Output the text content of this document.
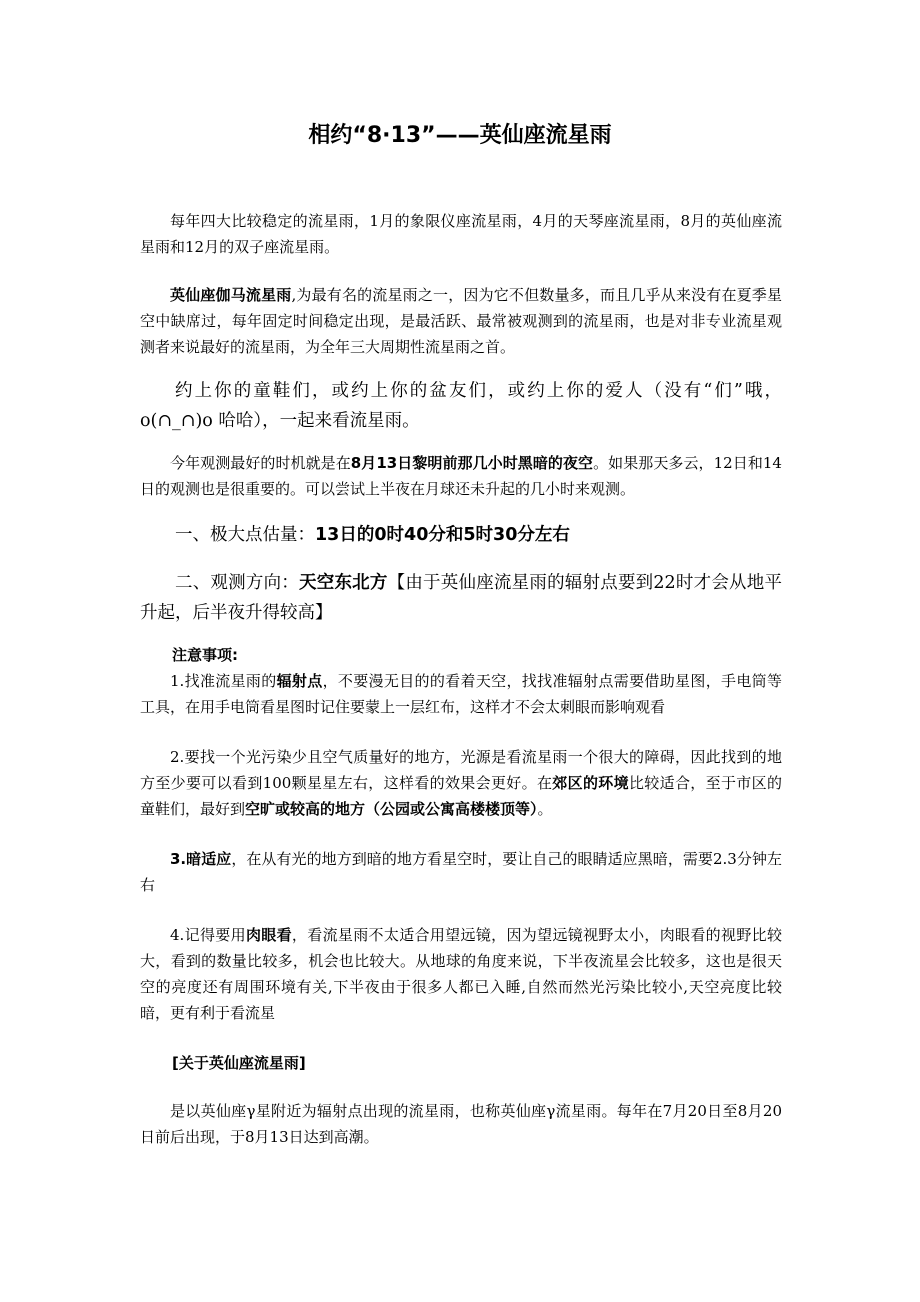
相约“8·13”——英仙座流星雨

每年四大比较稳定的流星雨，1月的象限仪座流星雨，4月的天琴座流星雨，8月的英仙座流星雨和12月的双子座流星雨。

英仙座伽马流星雨,为最有名的流星雨之一，因为它不但数量多，而且几乎从来没有在夏季星空中缺席过，每年固定时间稳定出现，是最活跃、最常被观测到的流星雨，也是对非专业流星观测者来说最好的流星雨，为全年三大周期性流星雨之首。

约上你的童鞋们，或约上你的盆友们，或约上你的爱人（没有“们”哦，o(∩_∩)o 哈哈），一起来看流星雨。

今年观测最好的时机就是在8月13日黎明前那几小时黑暗的夜空。如果那天多云，12日和14日的观测也是很重要的。可以尝试上半夜在月球还未升起的几小时来观测。

一、极大点估量：13日的0时40分和5时30分左右

二、观测方向：天空东北方【由于英仙座流星雨的辐射点要到22时才会从地平升起，后半夜升得较高】

注意事项:

1.找准流星雨的辐射点，不要漫无目的的看着天空，找找准辐射点需要借助星图，手电筒等工具，在用手电筒看星图时记住要蒙上一层红布，这样才不会太刺眼而影响观看

2.要找一个光污染少且空气质量好的地方，光源是看流星雨一个很大的障碍，因此找到的地方至少要可以看到100颗星星左右，这样看的效果会更好。在郊区的环境比较适合，至于市区的童鞋们，最好到空旷或较高的地方（公园或公寓高楼楼顶等）。

3.暗适应，在从有光的地方到暗的地方看星空时，要让自己的眼睛适应黑暗，需要2.3分钟左右

4.记得要用肉眼看，看流星雨不太适合用望远镜，因为望远镜视野太小，肉眼看的视野比较大，看到的数量比较多，机会也比较大。从地球的角度来说，下半夜流星会比较多，这也是很天空的亮度还有周围环境有关,下半夜由于很多人都已入睡,自然而然光污染比较小,天空亮度比较暗，更有利于看流星

[关于英仙座流星雨]

是以英仙座γ星附近为辐射点出现的流星雨，也称英仙座γ流星雨。每年在7月20日至8月20日前后出现，于8月13日达到高潮。
